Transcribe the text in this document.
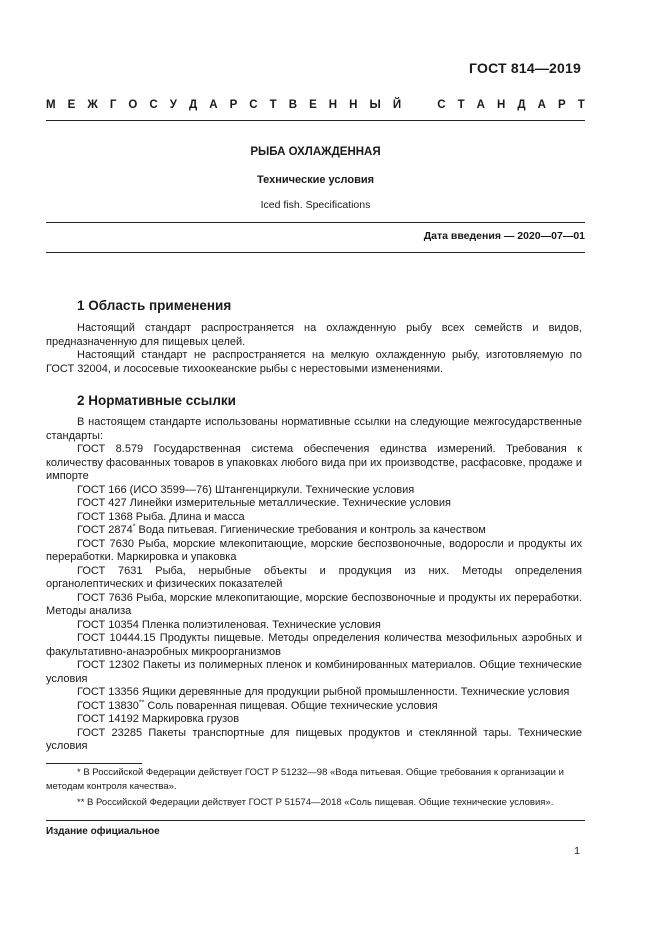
ГОСТ 814—2019
М Е Ж Г О С У Д А Р С Т В Е Н Н Ы Й	С Т А Н Д А Р Т
РЫБА ОХЛАЖДЕННАЯ
Технические условия
Iced fish. Specifications
Дата введения — 2020—07—01
1 Область применения

Настоящий стандарт распространяется на охлажденную рыбу всех семейств и видов, предназначенную для пищевых целей.

Настоящий стандарт не распространяется на мелкую охлажденную рыбу, изготовляемую по ГОСТ 32004, и лососевые тихоокеанские рыбы с нерестовыми изменениями.

2 Нормативные ссылки

В настоящем стандарте использованы нормативные ссылки на следующие межгосударственные стандарты:

ГОСТ 8.579 Государственная система обеспечения единства измерений. Требования к количеству фасованных товаров в упаковках любого вида при их производстве, расфасовке, продаже и импорте

ГОСТ 166 (ИСО 3599—76) Штангенциркули. Технические условия

ГОСТ 427 Линейки измерительные металлические. Технические условия

ГОСТ 1368 Рыба. Длина и масса

ГОСТ 2874* Вода питьевая. Гигиенические требования и контроль за качеством

ГОСТ 7630 Рыба, морские млекопитающие, морские беспозвоночные, водоросли и продукты их переработки. Маркировка и упаковка

ГОСТ 7631 Рыба, нерыбные объекты и продукция из них. Методы определения органолептических и физических показателей

ГОСТ 7636 Рыба, морские млекопитающие, морские беспозвоночные и продукты их переработки. Методы анализа

ГОСТ 10354 Пленка полиэтиленовая. Технические условия

ГОСТ 10444.15 Продукты пищевые. Методы определения количества мезофильных аэробных и факультативно-анаэробных микроорганизмов

ГОСТ 12302 Пакеты из полимерных пленок и комбинированных материалов. Общие технические условия

ГОСТ 13356 Ящики деревянные для продукции рыбной промышленности. Технические условия

ГОСТ 13830** Соль поваренная пищевая. Общие технические условия

ГОСТ 14192 Маркировка грузов

ГОСТ 23285 Пакеты транспортные для пищевых продуктов и стеклянной тары. Технические условия

* В Российской Федерации действует ГОСТ Р 51232—98 «Вода питьевая. Общие требования к организации и методам контроля качества».

** В Российской Федерации действует ГОСТ Р 51574—2018 «Соль пищевая. Общие технические условия».

Издание официальное
1
